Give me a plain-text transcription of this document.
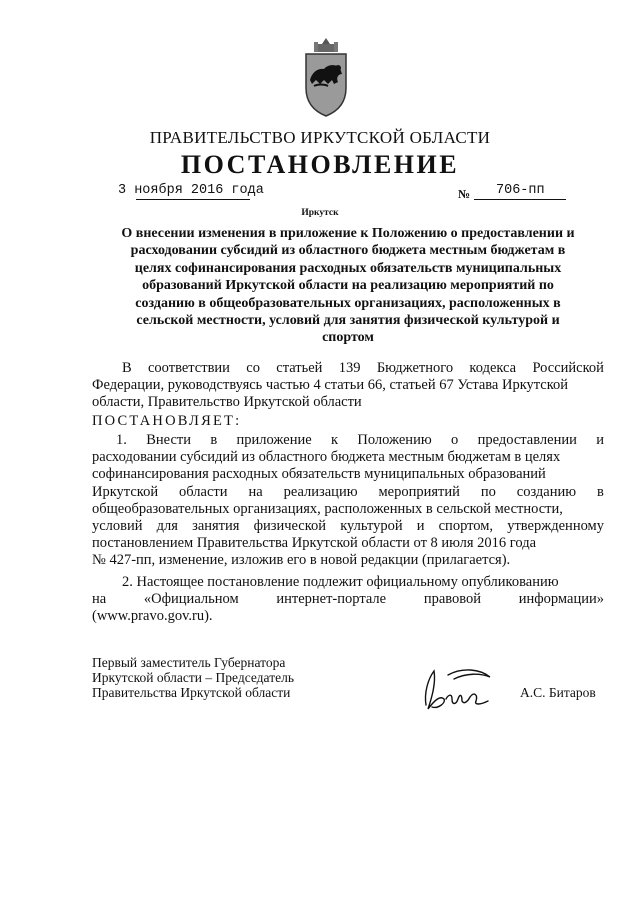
ПРАВИТЕЛЬСТВО ИРКУТСКОЙ ОБЛАСТИ
ПОСТАНОВЛЕНИЕ
3 ноября 2016 года	№ 706-пп
Иркутск
О внесении изменения в приложение к Положению о предоставлении и
расходовании субсидий из областного бюджета местным бюджетам в
целях софинансирования расходных обязательств муниципальных
образований Иркутской области на реализацию мероприятий по
созданию в общеобразовательных организациях, расположенных в
сельской местности, условий для занятия физической культурой и
спортом
В соответствии со статьей 139 Бюджетного кодекса Российской
Федерации, руководствуясь частью 4 статьи 66, статьей 67 Устава Иркутской
области, Правительство Иркутской области
ПОСТАНОВЛЯЕТ:
1. Внести в приложение к Положению о предоставлении и
расходовании субсидий из областного бюджета местным бюджетам в целях
софинансирования расходных обязательств муниципальных образований
Иркутской области на реализацию мероприятий по созданию в
общеобразовательных организациях, расположенных в сельской местности,
условий для занятия физической культурой и спортом, утвержденному
постановлением Правительства Иркутской области от 8 июля 2016 года
№ 427-пп, изменение, изложив его в новой редакции (прилагается).
2. Настоящее постановление подлежит официальному опубликованию
на	«Официальном	интернет-портале	правовой	информации»
(www.pravo.gov.ru).
Первый заместитель Губернатора
Иркутской области – Председатель
Правительства Иркутской области	А.С. Битаров
